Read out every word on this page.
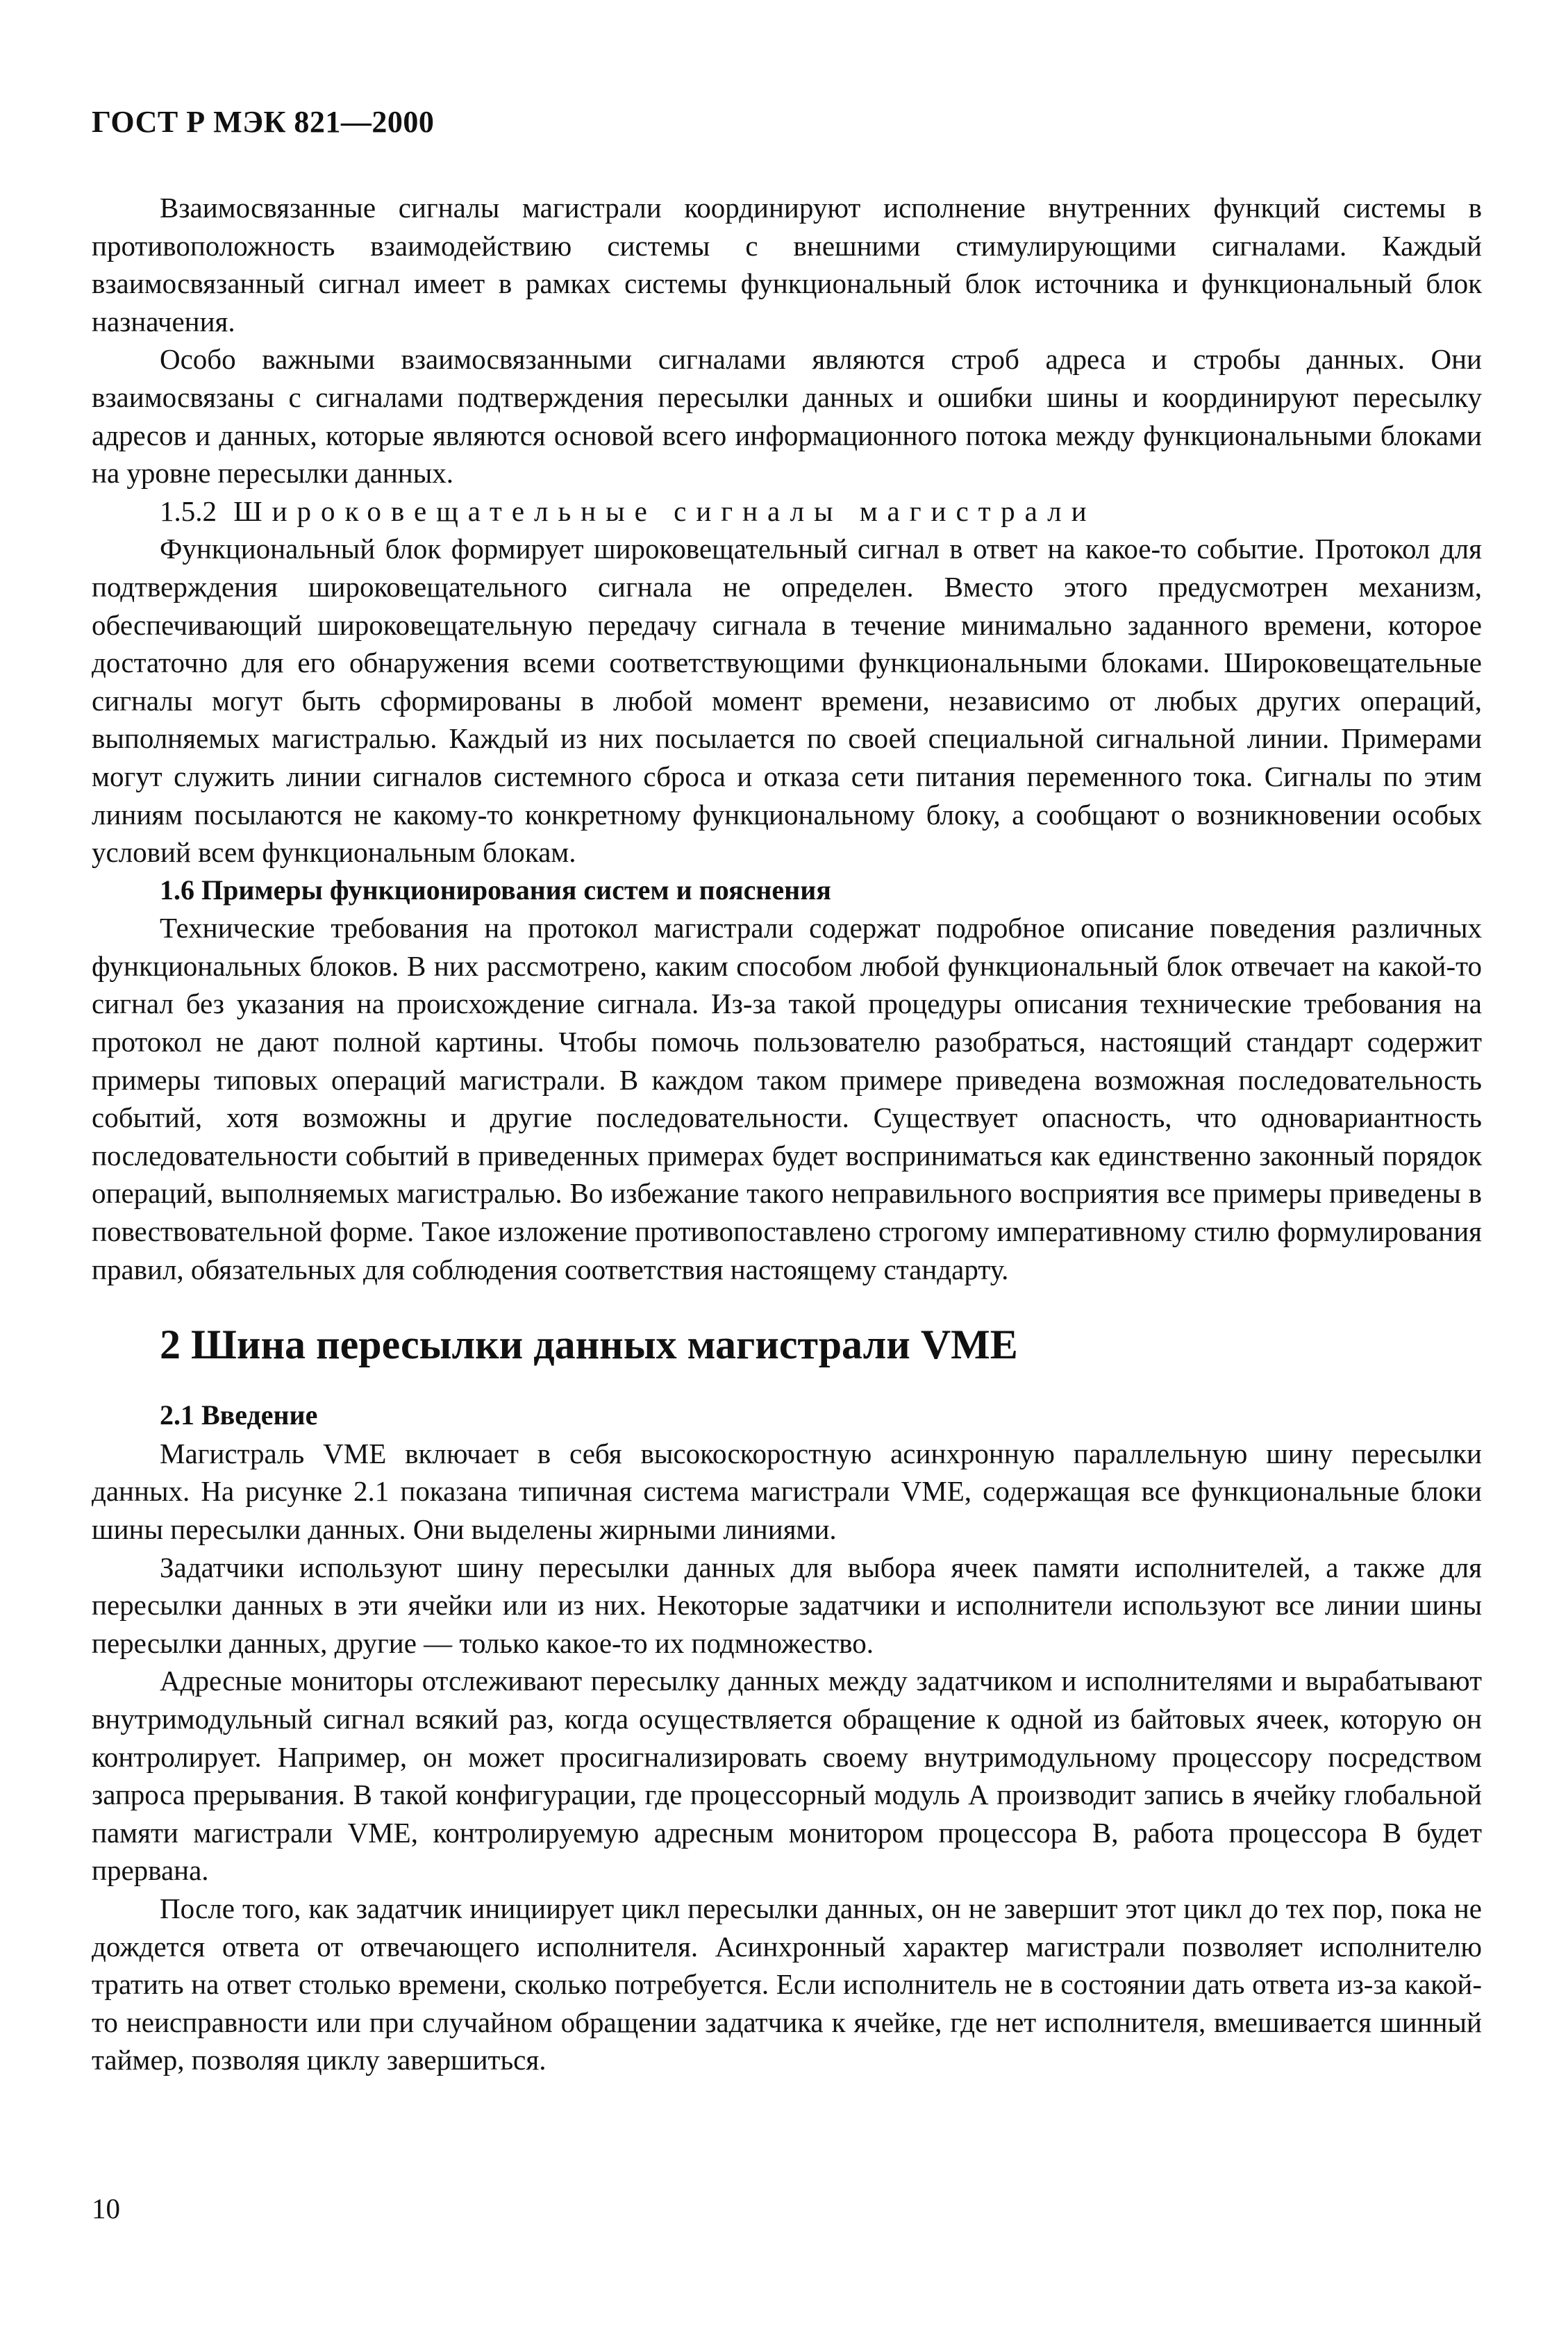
ГОСТ Р МЭК 821—2000

Взаимосвязанные сигналы магистрали координируют исполнение внутренних функций системы в противоположность взаимодействию системы с внешними стимулирующими сигналами. Каждый взаимосвязанный сигнал имеет в рамках системы функциональный блок источника и функциональный блок назначения.

Особо важными взаимосвязанными сигналами являются строб адреса и стробы данных. Они взаимосвязаны с сигналами подтверждения пересылки данных и ошибки шины и координируют пересылку адресов и данных, которые являются основой всего информационного потока между функциональными блоками на уровне пересылки данных.

1.5.2 Широковещательные сигналы магистрали

Функциональный блок формирует широковещательный сигнал в ответ на какое-то событие. Протокол для подтверждения широковещательного сигнала не определен. Вместо этого предусмотрен механизм, обеспечивающий широковещательную передачу сигнала в течение минимально заданного времени, которое достаточно для его обнаружения всеми соответствующими функциональными блоками. Широковещательные сигналы могут быть сформированы в любой момент времени, независимо от любых других операций, выполняемых магистралью. Каждый из них посылается по своей специальной сигнальной линии. Примерами могут служить линии сигналов системного сброса и отказа сети питания переменного тока. Сигналы по этим линиям посылаются не какому-то конкретному функциональному блоку, а сообщают о возникновении особых условий всем функциональным блокам.

1.6 Примеры функционирования систем и пояснения

Технические требования на протокол магистрали содержат подробное описание поведения различных функциональных блоков. В них рассмотрено, каким способом любой функциональный блок отвечает на какой-то сигнал без указания на происхождение сигнала. Из-за такой процедуры описания технические требования на протокол не дают полной картины. Чтобы помочь пользователю разобраться, настоящий стандарт содержит примеры типовых операций магистрали. В каждом таком примере приведена возможная последовательность событий, хотя возможны и другие последовательности. Существует опасность, что одновариантность последовательности событий в приведенных примерах будет восприниматься как единственно законный порядок операций, выполняемых магистралью. Во избежание такого неправильного восприятия все примеры приведены в повествовательной форме. Такое изложение противопоставлено строгому императивному стилю формулирования правил, обязательных для соблюдения соответствия настоящему стандарту.

2 Шина пересылки данных магистрали VME

2.1 Введение

Магистраль VME включает в себя высокоскоростную асинхронную параллельную шину пересылки данных. На рисунке 2.1 показана типичная система магистрали VME, содержащая все функциональные блоки шины пересылки данных. Они выделены жирными линиями.

Задатчики используют шину пересылки данных для выбора ячеек памяти исполнителей, а также для пересылки данных в эти ячейки или из них. Некоторые задатчики и исполнители используют все линии шины пересылки данных, другие — только какое-то их подмножество.

Адресные мониторы отслеживают пересылку данных между задатчиком и исполнителями и вырабатывают внутримодульный сигнал всякий раз, когда осуществляется обращение к одной из байтовых ячеек, которую он контролирует. Например, он может просигнализировать своему внутримодульному процессору посредством запроса прерывания. В такой конфигурации, где процессорный модуль А производит запись в ячейку глобальной памяти магистрали VME, контролируемую адресным монитором процессора В, работа процессора В будет прервана.

После того, как задатчик инициирует цикл пересылки данных, он не завершит этот цикл до тех пор, пока не дождется ответа от отвечающего исполнителя. Асинхронный характер магистрали позволяет исполнителю тратить на ответ столько времени, сколько потребуется. Если исполнитель не в состоянии дать ответа из-за какой-то неисправности или при случайном обращении задатчика к ячейке, где нет исполнителя, вмешивается шинный таймер, позволяя циклу завершиться.

10
